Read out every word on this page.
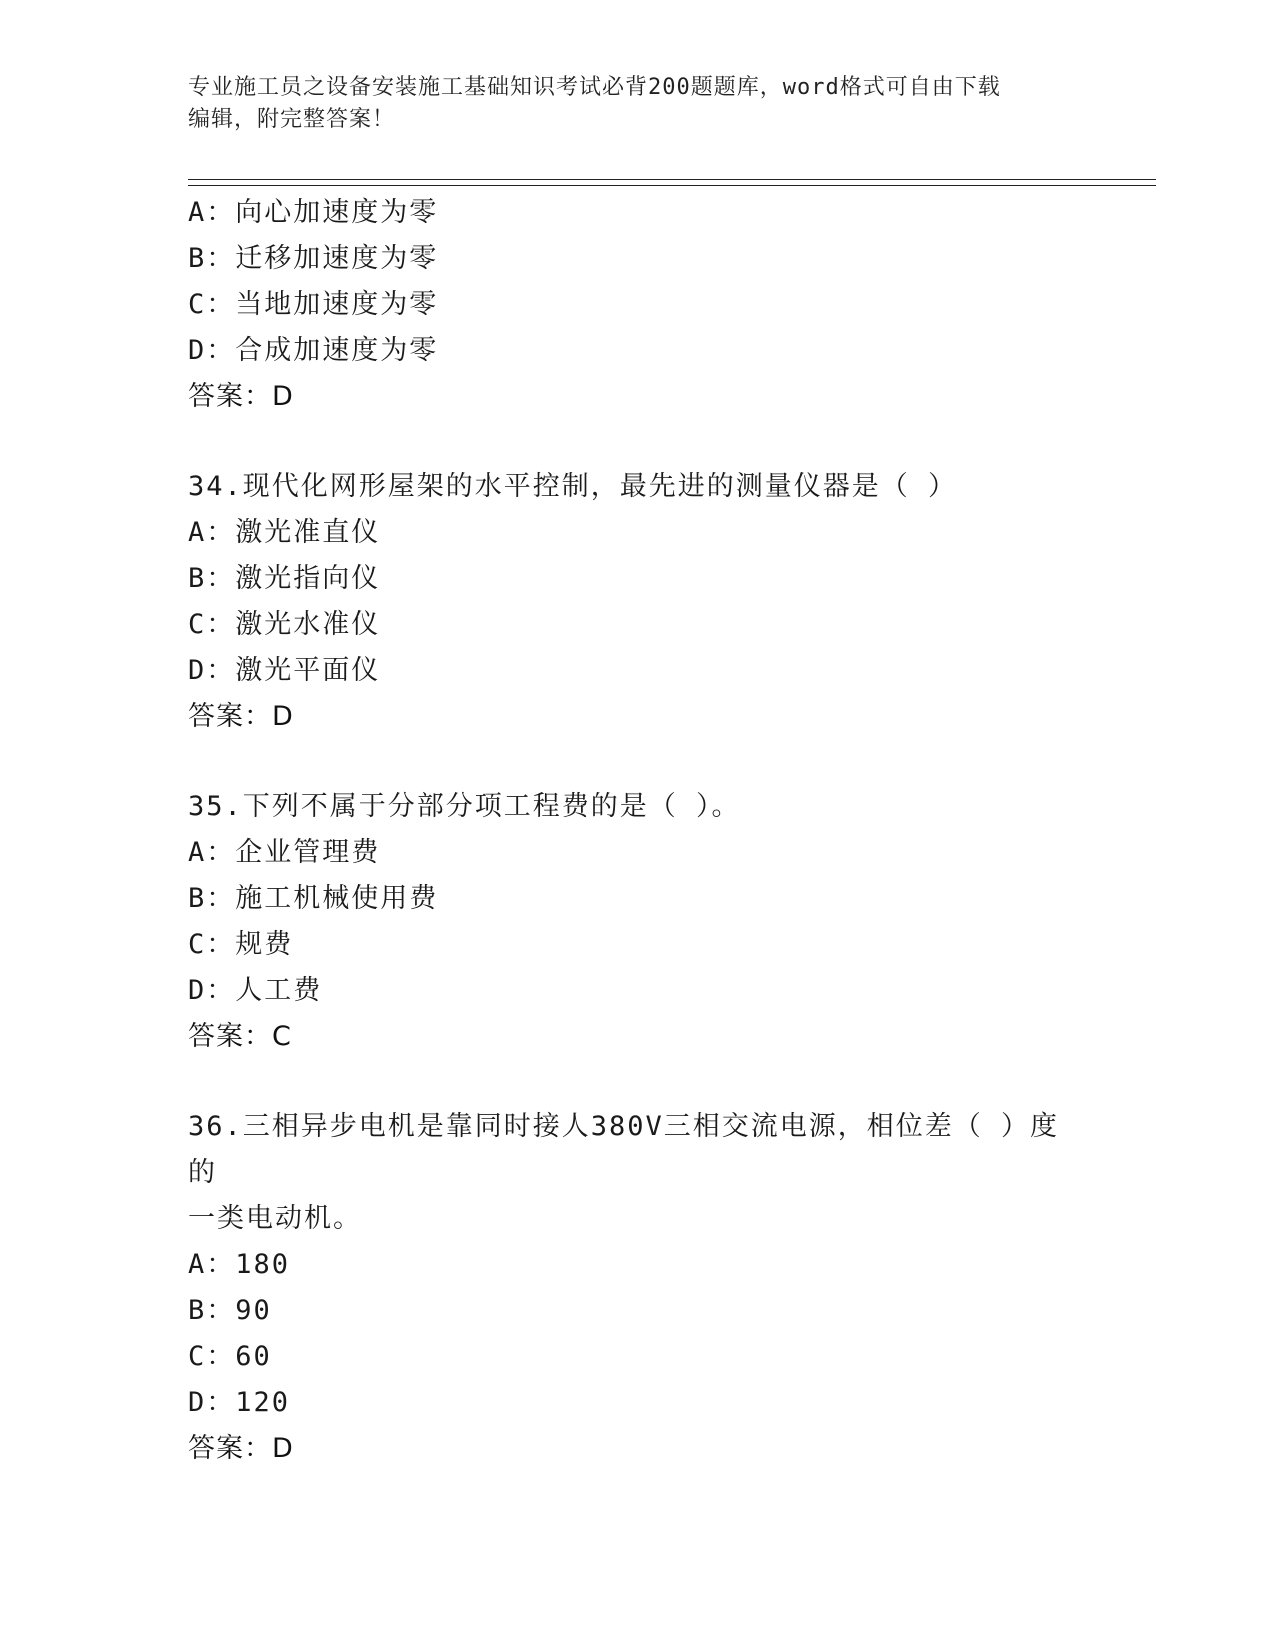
专业施工员之设备安装施工基础知识考试必背200题题库，word格式可自由下载
编辑，附完整答案！
A：向心加速度为零
B：迁移加速度为零
C：当地加速度为零
D：合成加速度为零
答案：D
34.现代化网形屋架的水平控制，最先进的测量仪器是（ ）
A：激光准直仪
B：激光指向仪
C：激光水准仪
D：激光平面仪
答案：D
35.下列不属于分部分项工程费的是（ ）。
A：企业管理费
B：施工机械使用费
C：规费
D：人工费
答案：C
36.三相异步电机是靠同时接人380V三相交流电源，相位差（ ）度的
一类电动机。
A：180
B：90
C：60
D：120
答案：D
